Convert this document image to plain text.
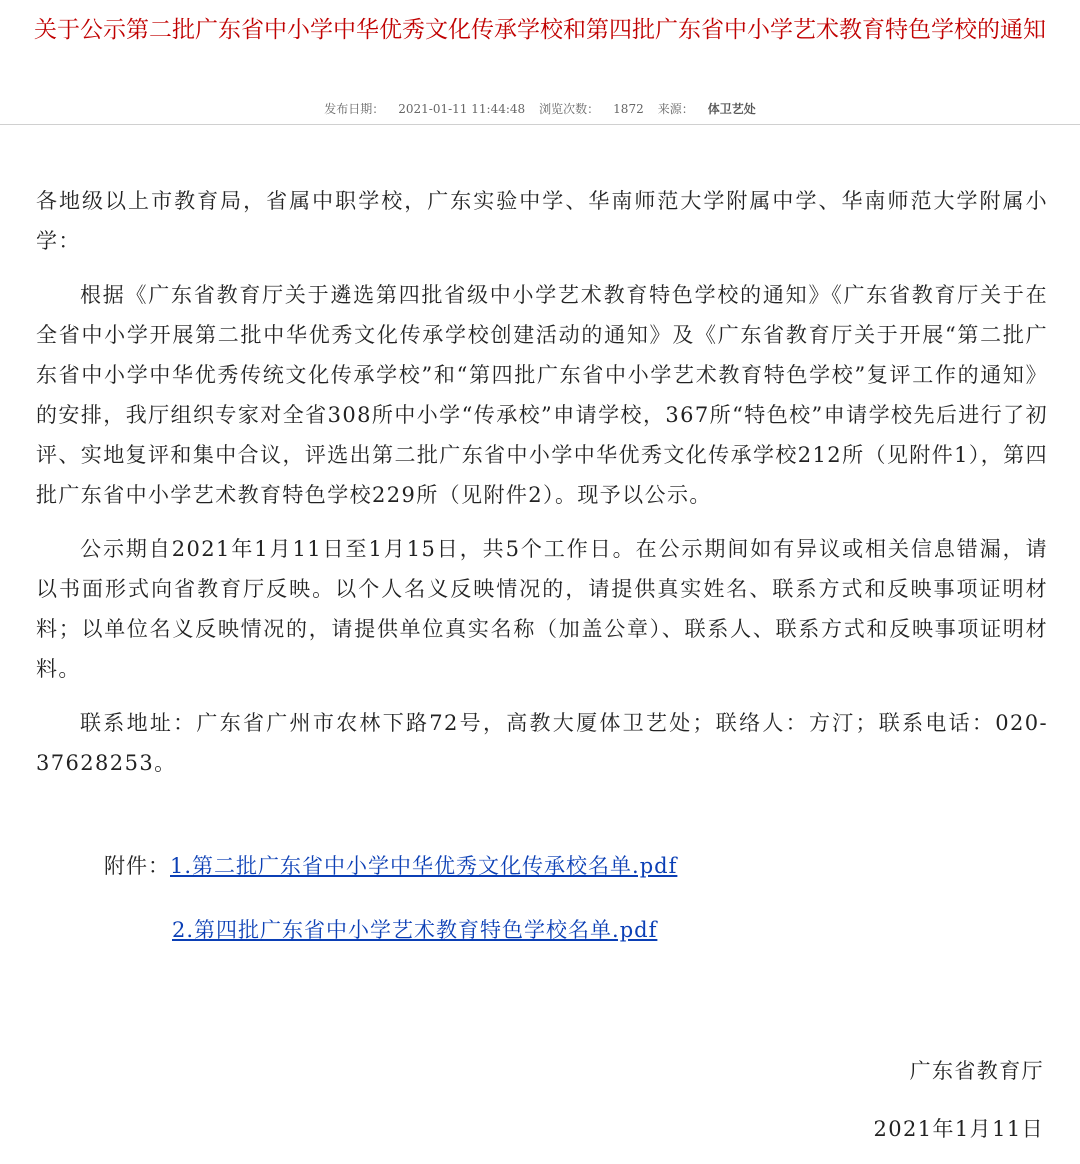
关于公示第二批广东省中小学中华优秀文化传承学校和第四批广东省中小学艺术教育特色学校的通知
发布日期： 2021-01-11 11:44:48 浏览次数： 1872 来源： 体卫艺处

各地级以上市教育局，省属中职学校，广东实验中学、华南师范大学附属中学、华南师范大学附属小学：

根据《广东省教育厅关于遴选第四批省级中小学艺术教育特色学校的通知》《广东省教育厅关于在全省中小学开展第二批中华优秀文化传承学校创建活动的通知》及《广东省教育厅关于开展“第二批广东省中小学中华优秀传统文化传承学校”和“第四批广东省中小学艺术教育特色学校”复评工作的通知》的安排，我厅组织专家对全省308所中小学“传承校”申请学校，367所“特色校”申请学校先后进行了初评、实地复评和集中合议，评选出第二批广东省中小学中华优秀文化传承学校212所（见附件1），第四批广东省中小学艺术教育特色学校229所（见附件2）。现予以公示。

公示期自2021年1月11日至1月15日，共5个工作日。在公示期间如有异议或相关信息错漏，请以书面形式向省教育厅反映。以个人名义反映情况的，请提供真实姓名、联系方式和反映事项证明材料；以单位名义反映情况的，请提供单位真实名称（加盖公章）、联系人、联系方式和反映事项证明材料。

联系地址：广东省广州市农林下路72号，高教大厦体卫艺处；联络人：方汀；联系电话：020-37628253。

附件：1.第二批广东省中小学中华优秀文化传承校名单.pdf
2.第四批广东省中小学艺术教育特色学校名单.pdf
广东省教育厅
2021年1月11日
